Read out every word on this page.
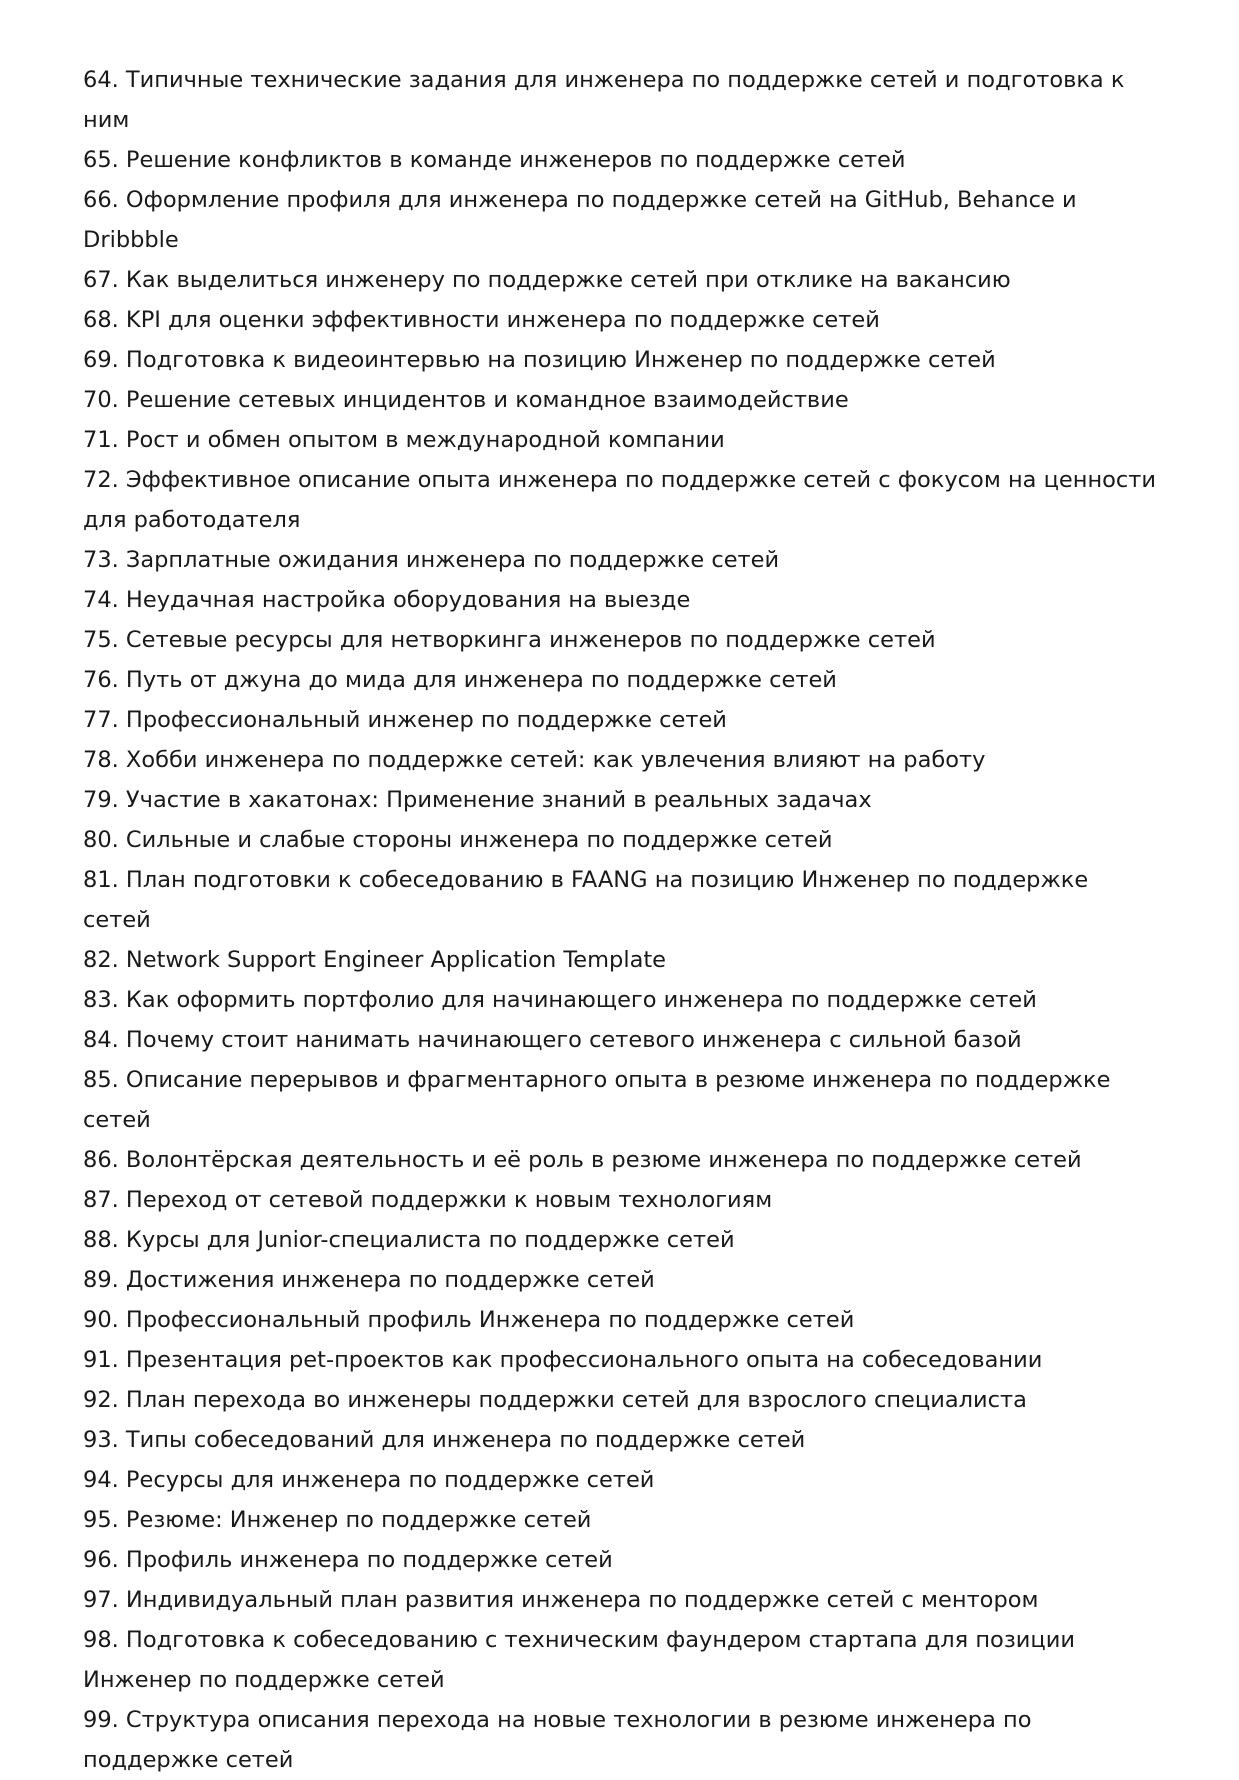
64. Типичные технические задания для инженера по поддержке сетей и подготовка к ним

65. Решение конфликтов в команде инженеров по поддержке сетей

66. Оформление профиля для инженера по поддержке сетей на GitHub, Behance и Dribbble

67. Как выделиться инженеру по поддержке сетей при отклике на вакансию

68. KPI для оценки эффективности инженера по поддержке сетей

69. Подготовка к видеоинтервью на позицию Инженер по поддержке сетей

70. Решение сетевых инцидентов и командное взаимодействие

71. Рост и обмен опытом в международной компании

72. Эффективное описание опыта инженера по поддержке сетей с фокусом на ценности для работодателя

73. Зарплатные ожидания инженера по поддержке сетей

74. Неудачная настройка оборудования на выезде

75. Сетевые ресурсы для нетворкинга инженеров по поддержке сетей

76. Путь от джуна до мида для инженера по поддержке сетей

77. Профессиональный инженер по поддержке сетей

78. Хобби инженера по поддержке сетей: как увлечения влияют на работу

79. Участие в хакатонах: Применение знаний в реальных задачах

80. Сильные и слабые стороны инженера по поддержке сетей

81. План подготовки к собеседованию в FAANG на позицию Инженер по поддержке сетей

82. Network Support Engineer Application Template

83. Как оформить портфолио для начинающего инженера по поддержке сетей

84. Почему стоит нанимать начинающего сетевого инженера с сильной базой

85. Описание перерывов и фрагментарного опыта в резюме инженера по поддержке сетей

86. Волонтёрская деятельность и её роль в резюме инженера по поддержке сетей

87. Переход от сетевой поддержки к новым технологиям

88. Курсы для Junior-специалиста по поддержке сетей

89. Достижения инженера по поддержке сетей

90. Профессиональный профиль Инженера по поддержке сетей

91. Презентация pet-проектов как профессионального опыта на собеседовании

92. План перехода во инженеры поддержки сетей для взрослого специалиста

93. Типы собеседований для инженера по поддержке сетей

94. Ресурсы для инженера по поддержке сетей

95. Резюме: Инженер по поддержке сетей

96. Профиль инженера по поддержке сетей

97. Индивидуальный план развития инженера по поддержке сетей с ментором

98. Подготовка к собеседованию с техническим фаундером стартапа для позиции Инженер по поддержке сетей

99. Структура описания перехода на новые технологии в резюме инженера по поддержке сетей
